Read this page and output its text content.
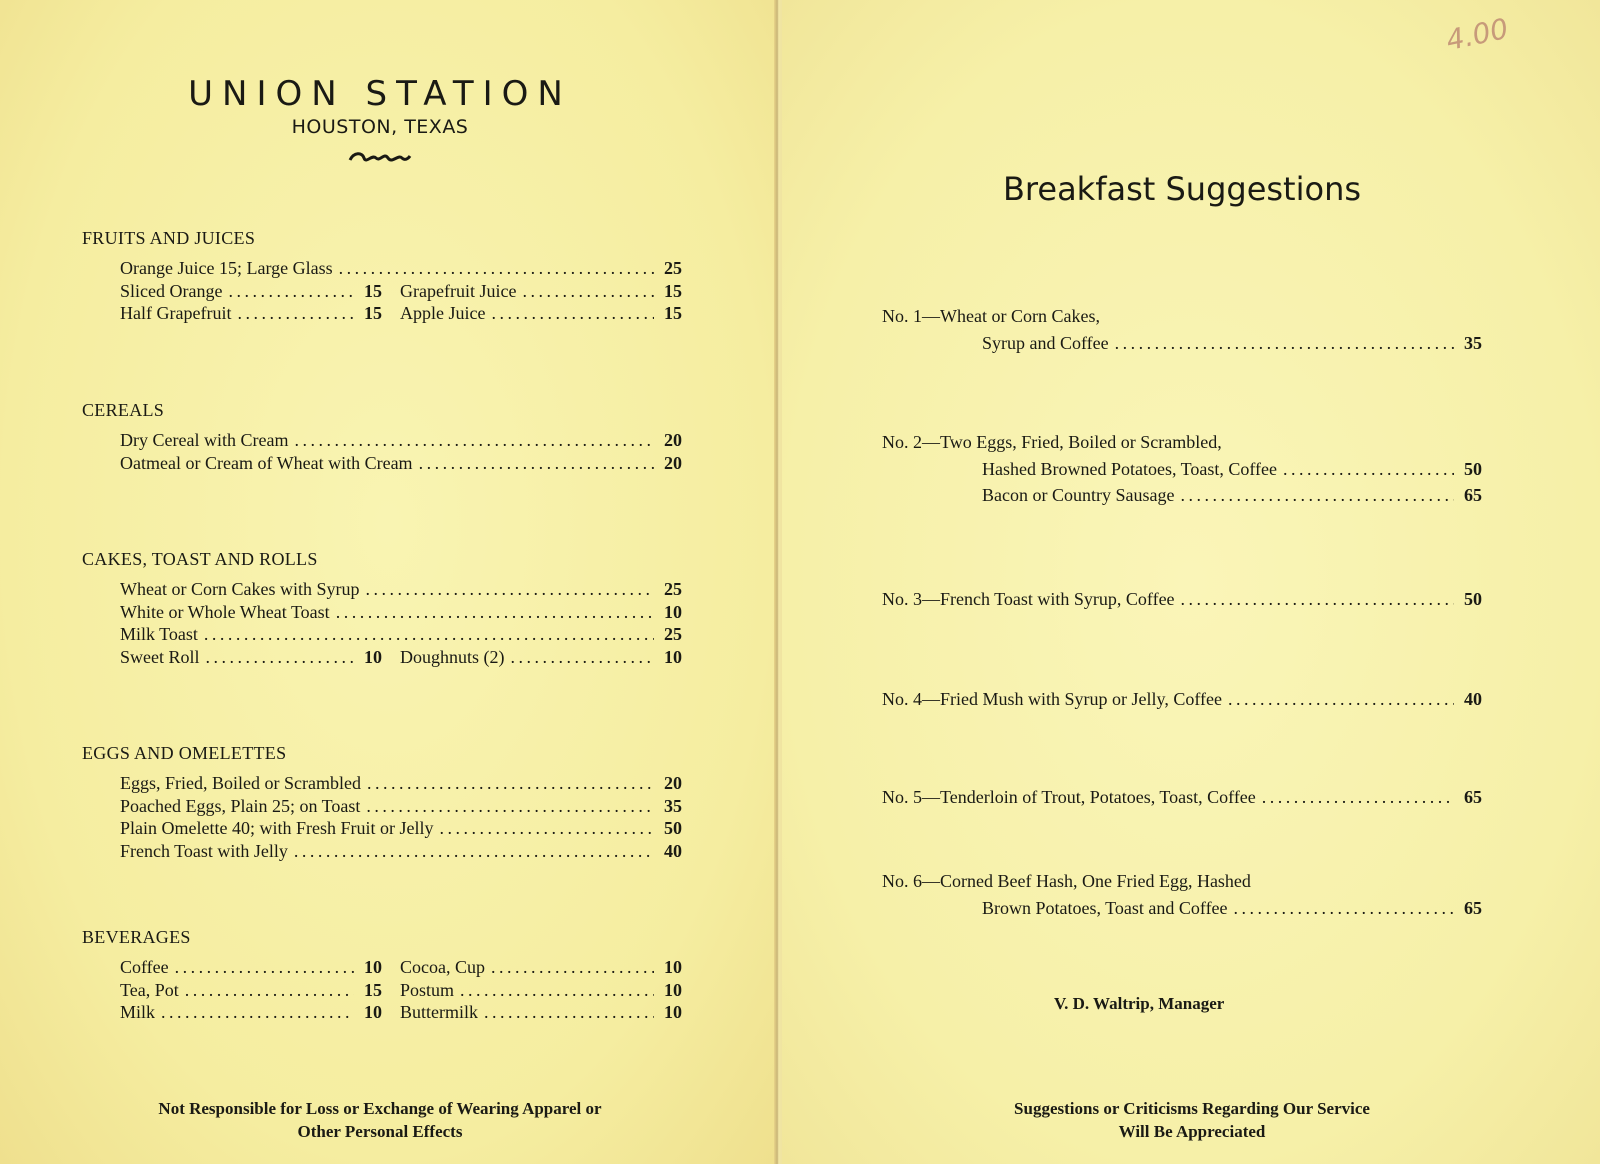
UNION STATION
HOUSTON, TEXAS
FRUITS AND JUICES
Orange Juice 15; Large Glass . . .	25
Sliced Orange . . .	15 Grapefruit Juice . . .	15
Half Grapefruit . . .	15 Apple Juice . . .	15
CEREALS
Dry Cereal with Cream . . .	20
Oatmeal or Cream of Wheat with Cream . . .	20
CAKES, TOAST AND ROLLS
Wheat or Corn Cakes with Syrup . . .	25
White or Whole Wheat Toast . . .	10
Milk Toast . . .	25
Sweet Roll . . .	10 Doughnuts (2) . . .	10
EGGS AND OMELETTES
Eggs, Fried, Boiled or Scrambled . . .	20
Poached Eggs, Plain 25; on Toast . . .	35
Plain Omelette 40; with Fresh Fruit or Jelly . . .	50
French Toast with Jelly . . .	40
BEVERAGES
Coffee . . .	10 Cocoa, Cup . . .	10
Tea, Pot . . .	15 Postum . . .	10
Milk . . .	10 Buttermilk . . .	10
Not Responsible for Loss or Exchange of Wearing Apparel or
Other Personal Effects
4.00
Breakfast Suggestions
No. 1—Wheat or Corn Cakes,
Syrup and Coffee . . .	35
No. 2—Two Eggs, Fried, Boiled or Scrambled,
Hashed Browned Potatoes, Toast, Coffee . . .	50
Bacon or Country Sausage . . .	65
No. 3—French Toast with Syrup, Coffee . . .	50
No. 4—Fried Mush with Syrup or Jelly, Coffee . . .	40
No. 5—Tenderloin of Trout, Potatoes, Toast, Coffee . . .	65
No. 6—Corned Beef Hash, One Fried Egg, Hashed
Brown Potatoes, Toast and Coffee . . .	65
V. D. Waltrip, Manager
Suggestions or Criticisms Regarding Our Service
Will Be Appreciated
